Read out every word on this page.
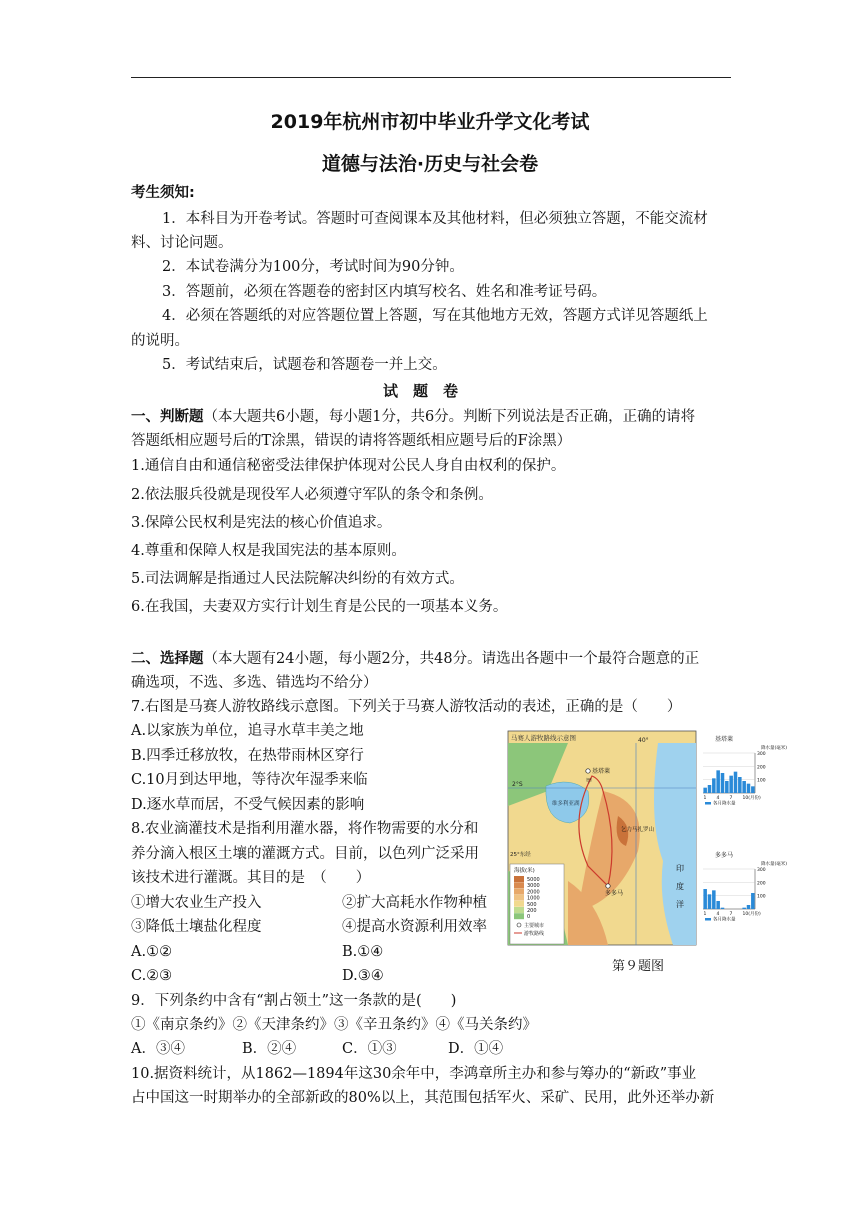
2019年杭州市初中毕业升学文化考试
道德与法治·历史与社会卷
考生须知:
1．本科目为开卷考试。答题时可查阅课本及其他材料，但必须独立答题，不能交流材
料、讨论问题。
2．本试卷满分为100分，考试时间为90分钟。
3．答题前，必须在答题卷的密封区内填写校名、姓名和准考证号码。
4．必须在答题纸的对应答题位置上答题，写在其他地方无效，答题方式详见答题纸上
的说明。
5．考试结束后，试题卷和答题卷一并上交。
试　题　卷
一、判断题（本大题共6小题，每小题1分，共6分。判断下列说法是否正确，正确的请将
答题纸相应题号后的T涂黑，错误的请将答题纸相应题号后的F涂黑）
1.通信自由和通信秘密受法律保护体现对公民人身自由权利的保护。
2.依法服兵役就是现役军人必须遵守军队的条令和条例。
3.保障公民权利是宪法的核心价值追求。
4.尊重和保障人权是我国宪法的基本原则。
5.司法调解是指通过人民法院解决纠纷的有效方式。
6.在我国，夫妻双方实行计划生育是公民的一项基本义务。
二、选择题（本大题有24小题，每小题2分，共48分。请选出各题中一个最符合题意的正
确选项，不选、多选、错选均不给分）
7.右图是马赛人游牧路线示意图。下列关于马赛人游牧活动的表述，正确的是（　　）
A.以家族为单位，追寻水草丰美之地
B.四季迁移放牧，在热带雨林区穿行
C.10月到达甲地，等待次年湿季来临
D.逐水草而居，不受气候因素的影响
8.农业滴灌技术是指利用灌水器，将作物需要的水分和
养分滴入根区土壤的灌溉方式。目前，以色列广泛采用
该技术进行灌溉。其目的是　（　　）
①增大农业生产投入	②扩大高耗水作物种植
③降低土壤盐化程度	④提高水资源利用效率
A.①②	B.①④
C.②③	D.③④
9．下列条约中含有“割占领土”这一条款的是(　　)
①《南京条约》②《天津条约》③《辛丑条约》④《马关条约》
A．③④	B．②④	C．①③	D．①④
10.据资料统计，从1862—1894年这30余年中，李鸿章所主办和参与筹办的“新政”事业
占中国这一时期举办的全部新政的80%以上，其范围包括军火、采矿、民用，此外还举办新
马赛人游牧路线示意图	40°
2°S
25°东经
维多利亚湖
基塔莱
甲
乞力马扎罗山
多多马
印
度
洋
海拔(米)
5000
3000
2000
1000
500
200
0
主要城市
游牧路线
基塔莱
降水量(毫米)
300
200
100
1 4 7 10(月份)
各月降水量
多多马
降水量(毫米)
300
200
100
1 4 7 10(月份)
各月降水量
第９题图
